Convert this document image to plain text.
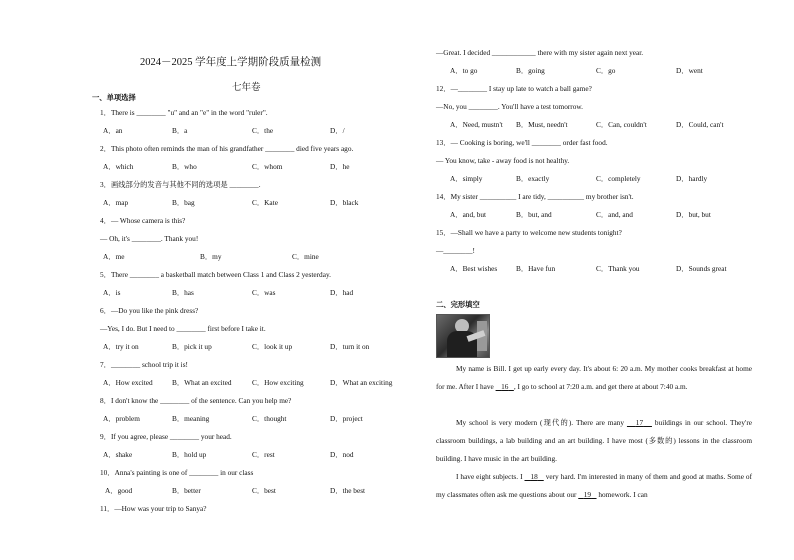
2024－2025 学年度上学期阶段质量检测
七年卷
一、单项选择
1．There is ________ "u" and an "e" in the word "ruler".
A．an	B．a	C．the	D．/
2．This photo often reminds the man of his grandfather ________ died five years ago.
A．which	B．who	C．whom	D．he
3．画线部分的发音与其他不同的选项是 ________.
A．map	B．bag	C．Kate	D．black
4．— Whose camera is this?
— Oh, it's ________. Thank you!
A．me	B．my	C．mine
5．There ________ a basketball match between Class 1 and Class 2 yesterday.
A．is	B．has	C．was	D．had
6．—Do you like the pink dress?
—Yes, I do. But I need to ________ first before I take it.
A．try it on	B．pick it up	C．look it up	D．turn it on
7．________ school trip it is!
A．How excited	B．What an excited	C．How exciting	D．What an exciting
8．I don't know the ________ of the sentence. Can you help me?
A．problem	B．meaning	C．thought	D．project
9．If you agree, please ________ your head.
A．shake	B．hold up	C．rest	D．nod
10．Anna's painting is one of ________ in our class
A．good	B．better	C．best	D．the best
11．—How was your trip to Sanya?
—Great. I decided ____________ there with my sister again next year.
A．to go	B．going	C．go	D．went
12．—________ I stay up late to watch a ball game?
—No, you ________. You'll have a test tomorrow.
A．Need, mustn't B．Must, needn't	C．Can, couldn't	D．Could, can't
13．— Cooking is boring, we'll ________ order fast food.
— You know, take - away food is not healthy.
A．simply	B．exactly	C．completely	D．hardly
14．My sister __________ I are tidy, __________ my brother isn't.
A．and, but	B．but, and	C．and, and	D．but, but
15．—Shall we have a party to welcome new students tonight?
—________!
A．Best wishes	B．Have fun	C．Thank you	D．Sounds great
二、完形填空
My name is Bill. I get up early every day. It's about 6: 20 a.m. My mother cooks breakfast at home for me. After I have    16 , I go to school at 7:20 a.m. and get there at about 7:40 a.m.
My school is very modern (现代的). There are many    17    buildings in our school. They're classroom buildings, a lab building and an art building. I have most (多数的) lessons in the classroom building. I have music in the art building.
I have eight subjects. I    18    very hard. I'm interested in many of them and good at maths. Some of my classmates often ask me questions about our    19    homework. I can
